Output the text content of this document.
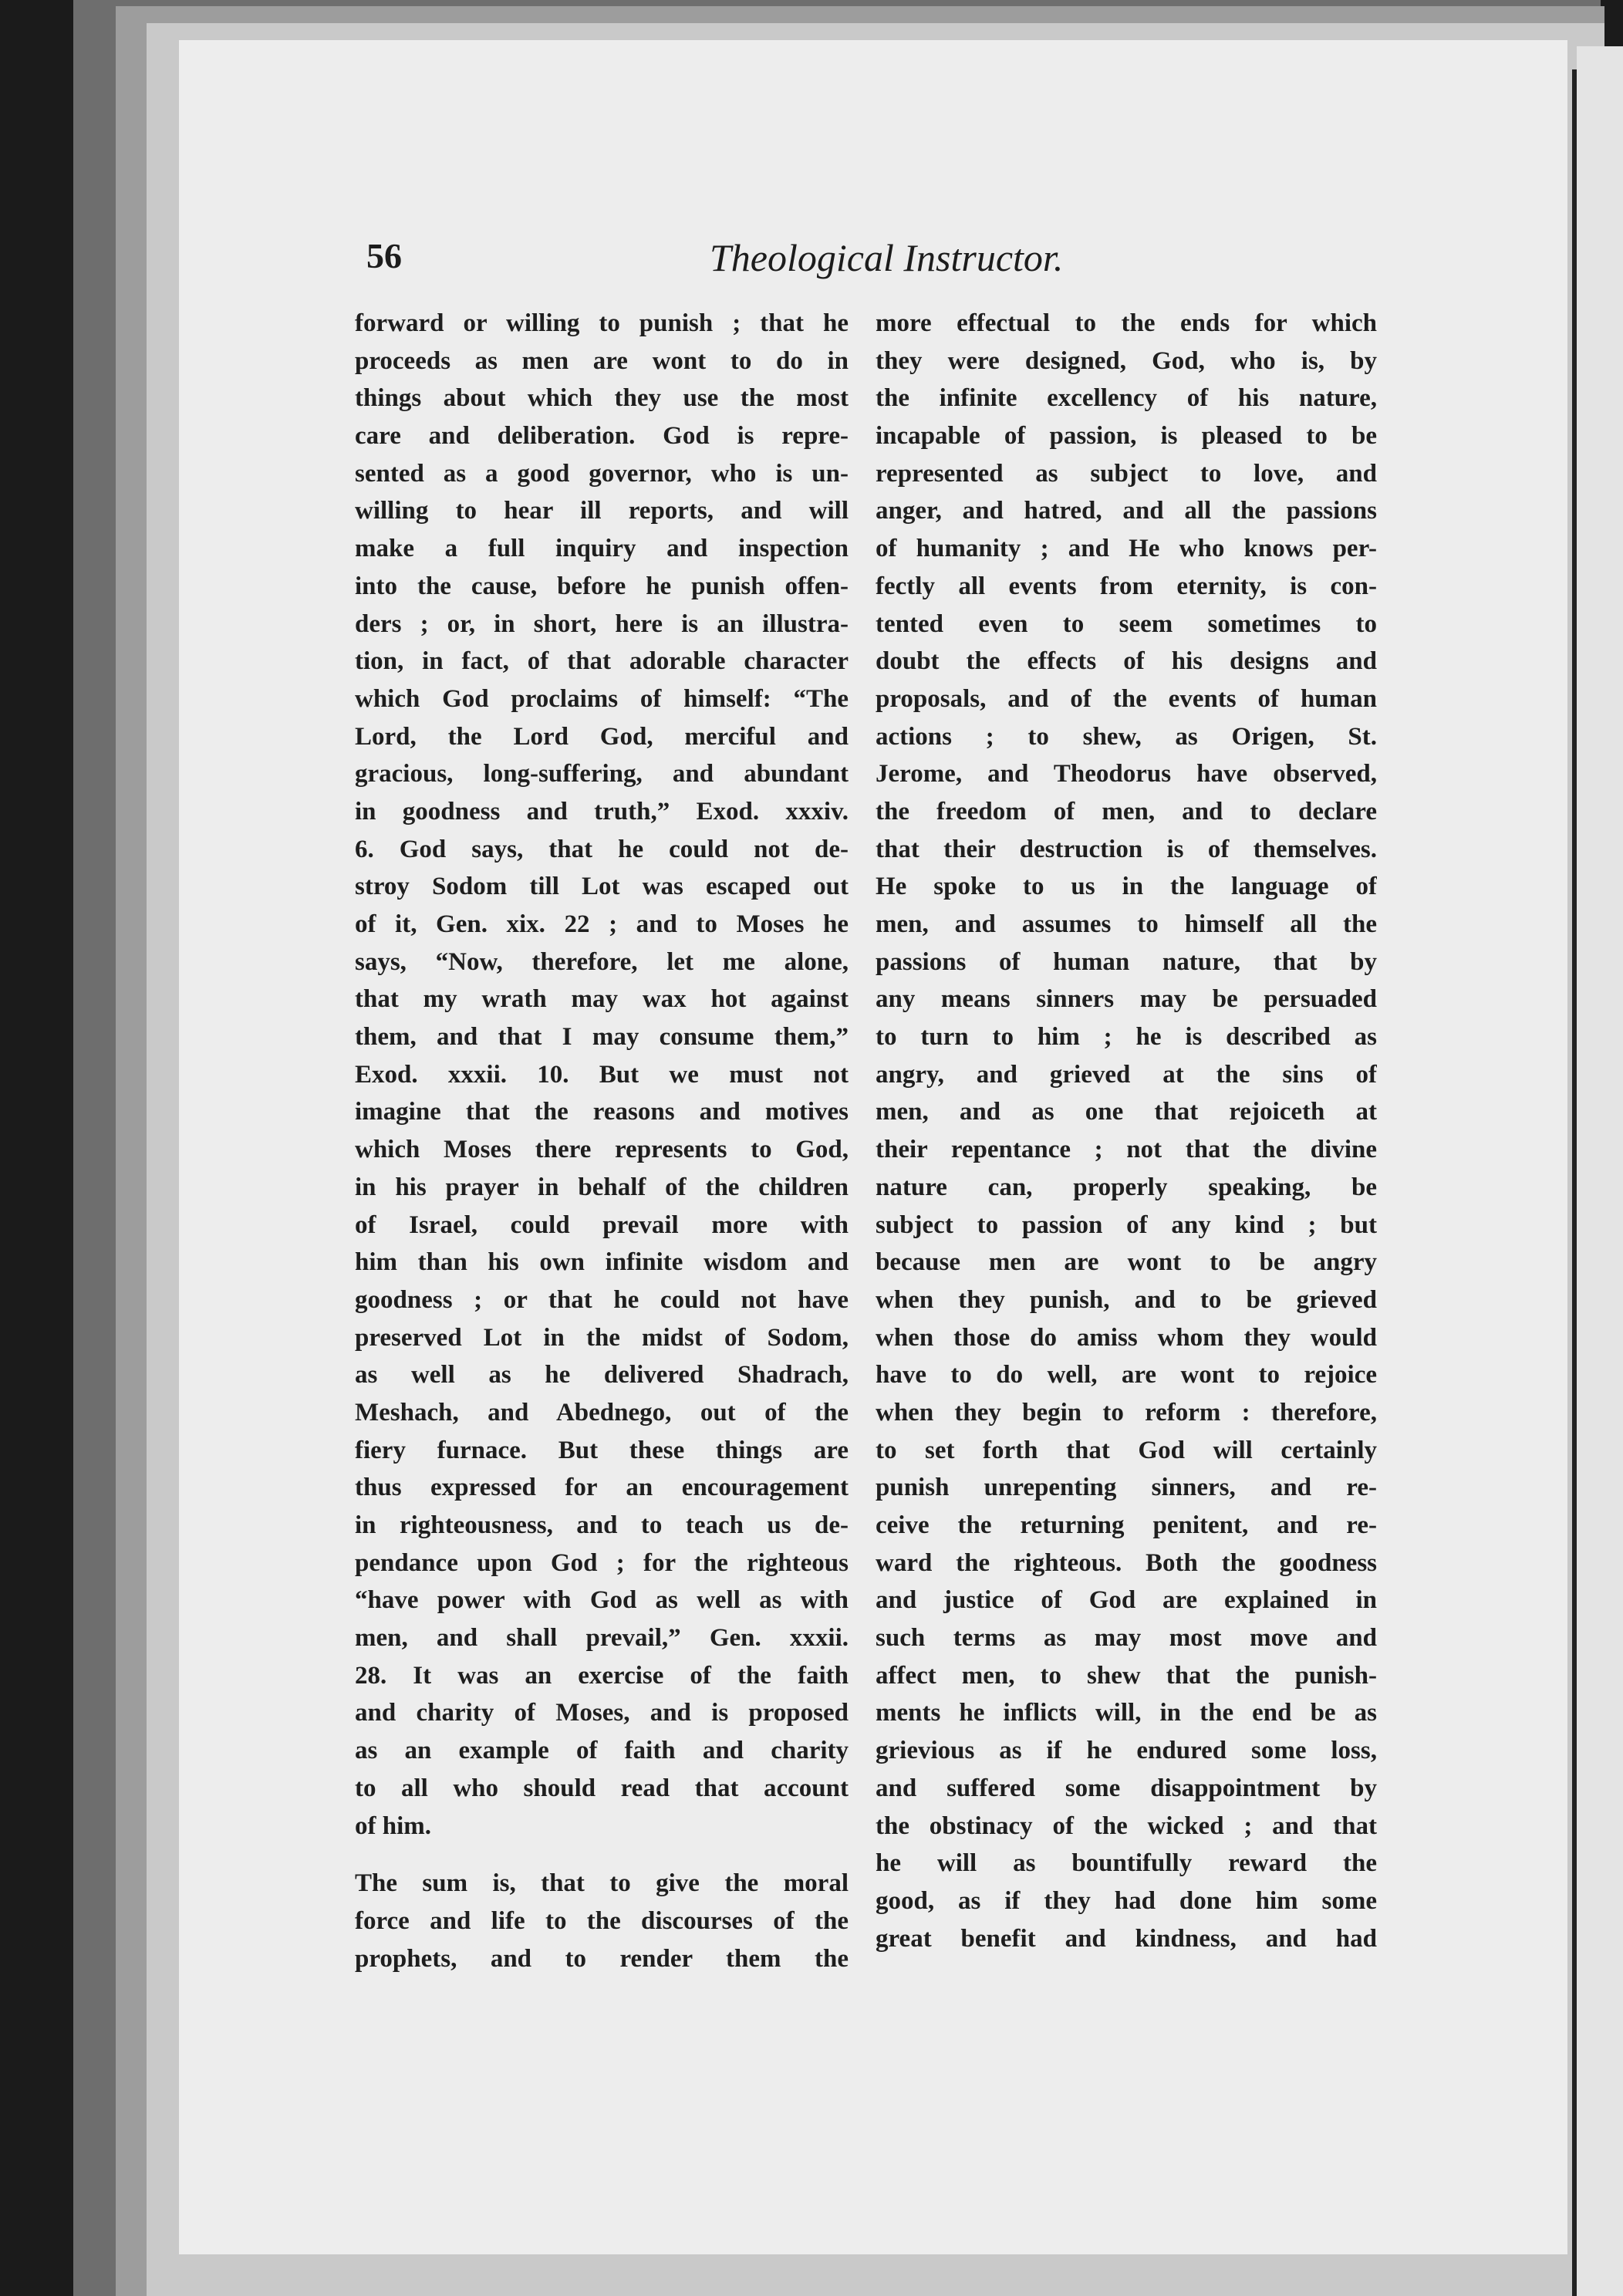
56	Theological Instructor.
forward or willing to punish ; that he
proceeds as men are wont to do in
things about which they use the most
care and deliberation. God is repre-
sented as a good governor, who is un-
willing to hear ill reports, and will
make a full inquiry and inspection
into the cause, before he punish offen-
ders ; or, in short, here is an illustra-
tion, in fact, of that adorable character
which God proclaims of himself: “The
Lord, the Lord God, merciful and
gracious, long-suffering, and abundant
in goodness and truth,” Exod. xxxiv.
6. God says, that he could not de-
stroy Sodom till Lot was escaped out
of it, Gen. xix. 22 ; and to Moses he
says, “Now, therefore, let me alone,
that my wrath may wax hot against
them, and that I may consume them,”
Exod. xxxii. 10. But we must not
imagine that the reasons and motives
which Moses there represents to God,
in his prayer in behalf of the children
of Israel, could prevail more with
him than his own infinite wisdom and
goodness ; or that he could not have
preserved Lot in the midst of Sodom,
as well as he delivered Shadrach,
Meshach, and Abednego, out of the
fiery furnace. But these things are
thus expressed for an encouragement
in righteousness, and to teach us de-
pendance upon God ; for the righteous
“have power with God as well as with
men, and shall prevail,” Gen. xxxii.
28. It was an exercise of the faith
and charity of Moses, and is proposed
as an example of faith and charity
to all who should read that account
of him.
The sum is, that to give the moral
force and life to the discourses of the
prophets, and to render them the
more effectual to the ends for which
they were designed, God, who is, by
the infinite excellency of his nature,
incapable of passion, is pleased to be
represented as subject to love, and
anger, and hatred, and all the passions
of humanity ; and He who knows per-
fectly all events from eternity, is con-
tented even to seem sometimes to
doubt the effects of his designs and
proposals, and of the events of human
actions ; to shew, as Origen, St.
Jerome, and Theodorus have observed,
the freedom of men, and to declare
that their destruction is of themselves.
He spoke to us in the language of
men, and assumes to himself all the
passions of human nature, that by
any means sinners may be persuaded
to turn to him ; he is described as
angry, and grieved at the sins of
men, and as one that rejoiceth at
their repentance ; not that the divine
nature can, properly speaking, be
subject to passion of any kind ; but
because men are wont to be angry
when they punish, and to be grieved
when those do amiss whom they would
have to do well, are wont to rejoice
when they begin to reform : therefore,
to set forth that God will certainly
punish unrepenting sinners, and re-
ceive the returning penitent, and re-
ward the righteous. Both the goodness
and justice of God are explained in
such terms as may most move and
affect men, to shew that the punish-
ments he inflicts will, in the end be as
grievious as if he endured some loss,
and suffered some disappointment by
the obstinacy of the wicked ; and that
he will as bountifully reward the
good, as if they had done him some
great benefit and kindness, and had
